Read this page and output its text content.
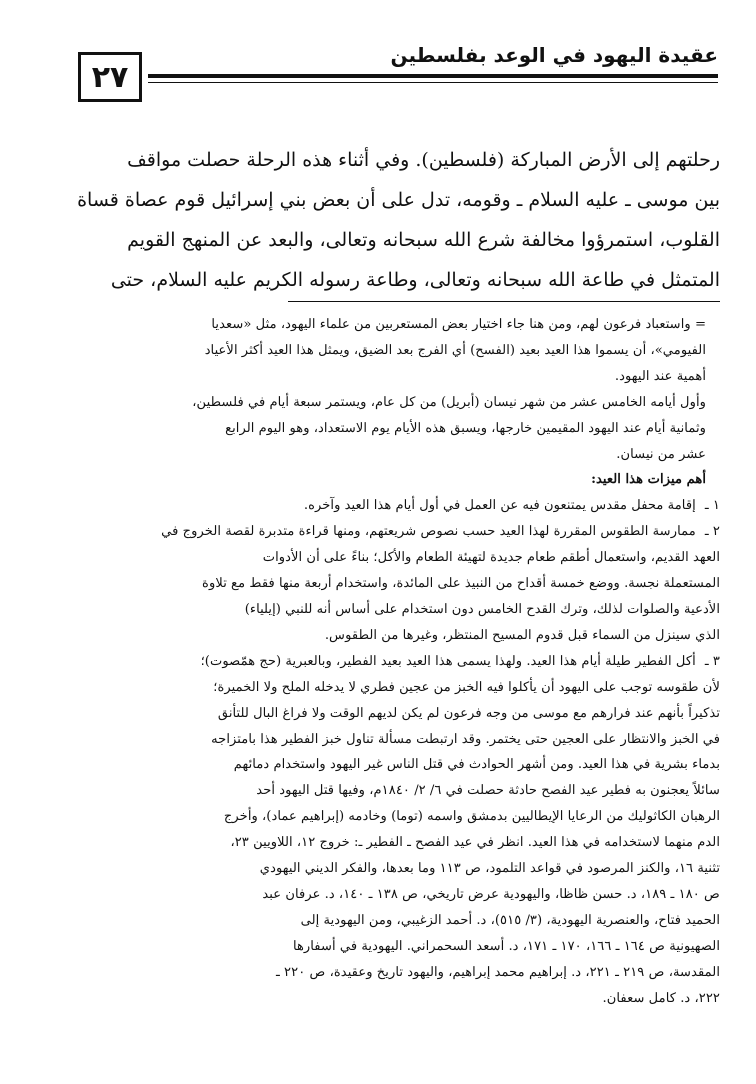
٢٧
عقيدة اليهود في الوعد بفلسطين

رحلتهم إلى الأرض المباركة (فلسطين). وفي أثناء هذه الرحلة حصلت مواقف

بين موسى ـ عليه السلام ـ وقومه، تدل على أن بعض بني إسرائيل قوم عصاة قساة

القلوب، استمرؤوا مخالفة شرع الله سبحانه وتعالى، والبعد عن المنهج القويم

المتمثل في طاعة الله سبحانه وتعالى، وطاعة رسوله الكريم عليه السلام، حتى

= واستعباد فرعون لهم، ومن هنا جاء اختيار بعض المستعربين من علماء اليهود، مثل «سعديا

الفيومي»، أن يسموا هذا العيد بعيد (الفسح) أي الفرج بعد الضيق، ويمثل هذا العيد أكثر الأعياد

أهمية عند اليهود.

وأول أيامه الخامس عشر من شهر نيسان (أبريل) من كل عام، ويستمر سبعة أيام في فلسطين،

وثمانية أيام عند اليهود المقيمين خارجها، ويسبق هذه الأيام يوم الاستعداد، وهو اليوم الرابع

عشر من نيسان.

أهم ميزات هذا العيد:

١ ـ إقامة محفل مقدس يمتنعون فيه عن العمل في أول أيام هذا العيد وآخره.

٢ ـ ممارسة الطقوس المقررة لهذا العيد حسب نصوص شريعتهم، ومنها قراءة متدبرة لقصة الخروج في

العهد القديم، واستعمال أطقم طعام جديدة لتهيئة الطعام والأكل؛ بناءً على أن الأدوات

المستعملة نجسة. ووضع خمسة أقداح من النبيذ على المائدة، واستخدام أربعة منها فقط مع تلاوة

الأدعية والصلوات لذلك، وترك القدح الخامس دون استخدام على أساس أنه للنبي (إيلياء)

الذي سينزل من السماء قبل قدوم المسيح المنتظر، وغيرها من الطقوس.

٣ ـ أكل الفطير طيلة أيام هذا العيد. ولهذا يسمى هذا العيد بعيد الفطير، وبالعبرية (حج همّصوت)؛

لأن طقوسه توجب على اليهود أن يأكلوا فيه الخبز من عجين فطري لا يدخله الملح ولا الخميرة؛

تذكيراً بأنهم عند فرارهم مع موسى من وجه فرعون لم يكن لديهم الوقت ولا فراغ البال للتأنق

في الخبز والانتظار على العجين حتى يختمر. وقد ارتبطت مسألة تناول خبز الفطير هذا بامتزاجه

بدماء بشرية في هذا العيد. ومن أشهر الحوادث في قتل الناس غير اليهود واستخدام دمائهم

سائلاً يعجنون به فطير عيد الفصح حادثة حصلت في ٦/ ٢/ ١٨٤٠م، وفيها قتل اليهود أحد

الرهبان الكاثوليك من الرعايا الإيطاليين بدمشق واسمه (توما) وخادمه (إبراهيم عماد)، وأخرج

الدم منهما لاستخدامه في هذا العيد. انظر في عيد الفصح ـ الفطير ـ: خروج ١٢، اللاويين ٢٣،

تثنية ١٦، والكنز المرصود في قواعد التلمود، ص ١١٣ وما بعدها، والفكر الديني اليهودي

ص ١٨٠ ـ ١٨٩، د. حسن ظاظا، واليهودية عرض تاريخي، ص ١٣٨ ـ ١٤٠، د. عرفان عبد

الحميد فتاح، والعنصرية اليهودية، (٣/ ٥١٥)، د. أحمد الزغيبي، ومن اليهودية إلى

الصهيونية ص ١٦٤ ـ ١٦٦، ١٧٠ ـ ١٧١، د. أسعد السحمراني. اليهودية في أسفارها

المقدسة، ص ٢١٩ ـ ٢٢١، د. إبراهيم محمد إبراهيم، واليهود تاريخ وعقيدة، ص ٢٢٠ ـ

٢٢٢، د. كامل سعفان.
